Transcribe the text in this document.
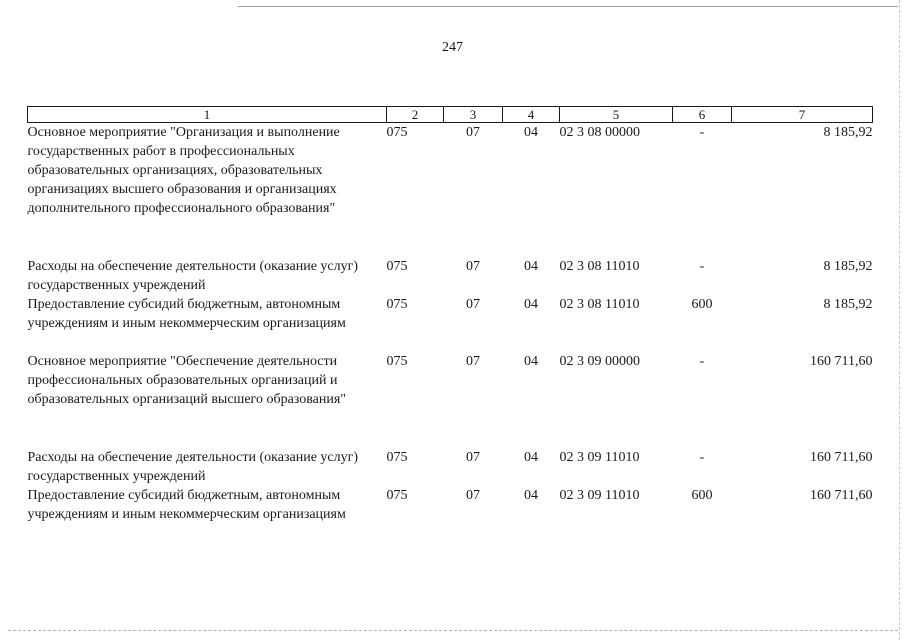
247
1	2	3	4	5	6	7
Основное мероприятие "Организация и выполнение государственных работ в профессиональных образовательных организациях, образовательных организациях высшего образования и организациях дополнительного профессионального образования"	075	07	04	02 3 08 00000	-	8 185,92
Расходы на обеспечение деятельности (оказание услуг) государственных учреждений	075	07	04	02 3 08 11010	-	8 185,92
Предоставление субсидий бюджетным, автономным учреждениям и иным некоммерческим организациям	075	07	04	02 3 08 11010	600	8 185,92
Основное мероприятие "Обеспечение деятельности профессиональных образовательных организаций и образовательных организаций высшего образования"	075	07	04	02 3 09 00000	-	160 711,60
Расходы на обеспечение деятельности (оказание услуг) государственных учреждений	075	07	04	02 3 09 11010	-	160 711,60
Предоставление субсидий бюджетным, автономным учреждениям и иным некоммерческим организациям	075	07	04	02 3 09 11010	600	160 711,60
